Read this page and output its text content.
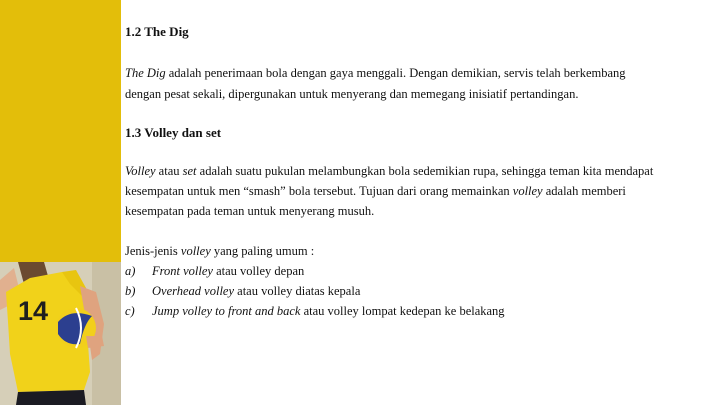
14

1.2 The Dig

The Dig adalah penerimaan bola dengan gaya menggali. Dengan demikian, servis telah berkembang

dengan pesat sekali, dipergunakan untuk menyerang dan memegang inisiatif pertandingan.

1.3 Volley dan set

Volley atau set adalah suatu pukulan melambungkan bola sedemikian rupa, sehingga teman kita mendapat

kesempatan untuk men “smash” bola tersebut. Tujuan dari orang memainkan volley adalah memberi

kesempatan pada teman untuk menyerang musuh.

Jenis-jenis volley yang paling umum :

a) Front volley atau volley depan
b) Overhead volley atau volley diatas kepala
c) Jump volley to front and back atau volley lompat kedepan ke belakang
